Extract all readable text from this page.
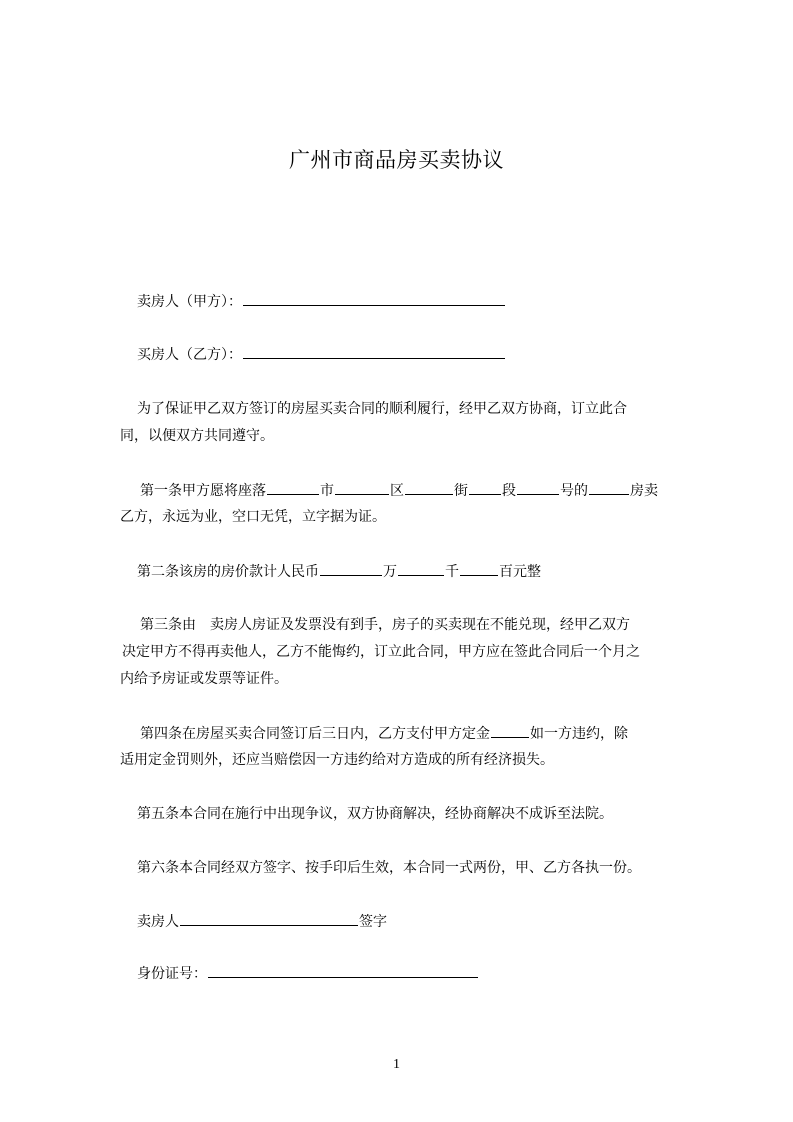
广州市商品房买卖协议
卖房人（甲方）：
买房人（乙方）：
为了保证甲乙双方签订的房屋买卖合同的顺利履行，经甲乙双方协商，订立此合
同，以便双方共同遵守。
第一条甲方愿将座落	市	区	街 段	号的	房卖
乙方，永远为业，空口无凭，立字据为证。
第二条该房的房价款计人民币	万	千	百元整
第三条由　卖房人房证及发票没有到手，房子的买卖现在不能兑现，经甲乙双方
决定甲方不得再卖他人，乙方不能悔约，订立此合同，甲方应在签此合同后一个月之
内给予房证或发票等证件。
第四条在房屋买卖合同签订后三日内，乙方支付甲方定金	如一方违约，除
适用定金罚则外，还应当赔偿因一方违约给对方造成的所有经济损失。
第五条本合同在施行中出现争议，双方协商解决，经协商解决不成诉至法院。
第六条本合同经双方签字、按手印后生效，本合同一式两份，甲、乙方各执一份。
卖房人	签字
身份证号：
1
